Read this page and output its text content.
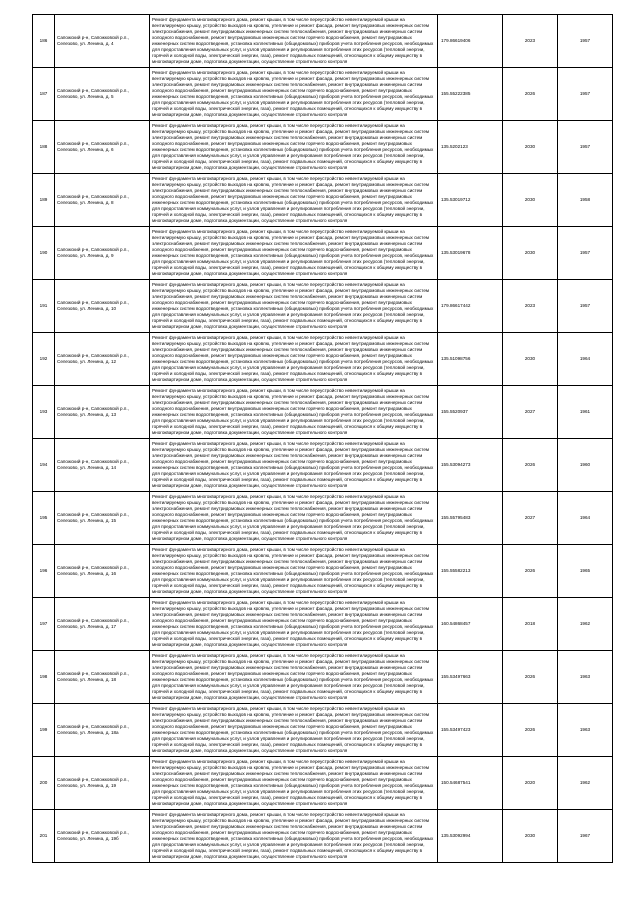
186	Сапожский р-н, Сапожковскй р.п., Селезово, ул. Ленина, д. 4	Ремонт фундамента многоквартирного дома, ремонт крыши, в том числе переустройство невентилируемой крыши на вентилируемую крышу, устройство выходов на кровлю, утепление и ремонт фасада, ремонт внутридомовых инженерных систем электроснабжения, ремонт внутридомовых инженерных систем теплоснабжения, ремонт внутридомовых инженерных систем холодного водоснабжения, ремонт внутридомовых инженерных систем горячего водоснабжения, ремонт внутридомовых инженерных систем водоотведения, установка коллективных (общедомовых) приборов учета потребления ресурсов, необходимых для предоставления коммунальных услуг, и узлов управления и регулирования потребления этих ресурсов (тепловой энергии, горячей и холодной воды, электрической энергии, газа), ремонт подвальных помещений, относящихся к общему имуществу в многоквартирном доме, подготовка документации, осуществление строительного контроля	179.86619406	2023	1957
187	Сапожский р-н, Сапожковскй р.п., Селезово, ул. Ленина, д. 5	Ремонт фундамента многоквартирного дома, ремонт крыши, в том числе переустройство невентилируемой крыши на вентилируемую крышу, устройство выходов на кровлю, утепление и ремонт фасада, ремонт внутридомовых инженерных систем электроснабжения, ремонт внутридомовых инженерных систем теплоснабжения, ремонт внутридомовых инженерных систем холодного водоснабжения, ремонт внутридомовых инженерных систем горячего водоснабжения, ремонт внутридомовых инженерных систем водоотведения, установка коллективных (общедомовых) приборов учета потребления ресурсов, необходимых для предоставления коммунальных услуг, и узлов управления и регулирования потребления этих ресурсов (тепловой энергии, горячей и холодной воды, электрической энергии, газа), ремонт подвальных помещений, относящихся к общему имуществу в многоквартирном доме, подготовка документации, осуществление строительного контроля	155.55222385	2026	1957
188	Сапожский р-н, Сапожковскй р.п., Селезово, ул. Ленина, д. 6	Ремонт фундамента многоквартирного дома, ремонт крыши, в том числе переустройство невентилируемой крыши на вентилируемую крышу, устройство выходов на кровлю, утепление и ремонт фасада, ремонт внутридомовых инженерных систем электроснабжения, ремонт внутридомовых инженерных систем теплоснабжения, ремонт внутридомовых инженерных систем холодного водоснабжения, ремонт внутридомовых инженерных систем горячего водоснабжения, ремонт внутридомовых инженерных систем водоотведения, установка коллективных (общедомовых) приборов учета потребления ресурсов, необходимых для предоставления коммунальных услуг, и узлов управления и регулирования потребления этих ресурсов (тепловой энергии, горячей и холодной воды, электрической энергии, газа), ремонт подвальных помещений, относящихся к общему имуществу в многоквартирном доме, подготовка документации, осуществление строительного контроля	135.5202123	2030	1957
189	Сапожский р-н, Сапожковскй р.п., Селезово, ул. Ленина, д. 8	Ремонт фундамента многоквартирного дома, ремонт крыши, в том числе переустройство невентилируемой крыши на вентилируемую крышу, устройство выходов на кровлю, утепление и ремонт фасада, ремонт внутридомовых инженерных систем электроснабжения, ремонт внутридомовых инженерных систем теплоснабжения, ремонт внутридомовых инженерных систем холодного водоснабжения, ремонт внутридомовых инженерных систем горячего водоснабжения, ремонт внутридомовых инженерных систем водоотведения, установка коллективных (общедомовых) приборов учета потребления ресурсов, необходимых для предоставления коммунальных услуг, и узлов управления и регулирования потребления этих ресурсов (тепловой энергии, горячей и холодной воды, электрической энергии, газа), ремонт подвальных помещений, относящихся к общему имуществу в многоквартирном доме, подготовка документации, осуществление строительного контроля	135.53019712	2030	1958
190	Сапожский р-н, Сапожковскй р.п., Селезово, ул. Ленина, д. 9	Ремонт фундамента многоквартирного дома, ремонт крыши, в том числе переустройство невентилируемой крыши на вентилируемую крышу, устройство выходов на кровлю, утепление и ремонт фасада, ремонт внутридомовых инженерных систем электроснабжения, ремонт внутридомовых инженерных систем теплоснабжения, ремонт внутридомовых инженерных систем холодного водоснабжения, ремонт внутридомовых инженерных систем горячего водоснабжения, ремонт внутридомовых инженерных систем водоотведения, установка коллективных (общедомовых) приборов учета потребления ресурсов, необходимых для предоставления коммунальных услуг, и узлов управления и регулирования потребления этих ресурсов (тепловой энергии, горячей и холодной воды, электрической энергии, газа), ремонт подвальных помещений, относящихся к общему имуществу в многоквартирном доме, подготовка документации, осуществление строительного контроля	135.53019678	2030	1957
191	Сапожский р-н, Сапожковскй р.п., Селезово, ул. Ленина, д. 10	Ремонт фундамента многоквартирного дома, ремонт крыши, в том числе переустройство невентилируемой крыши на вентилируемую крышу, устройство выходов на кровлю, утепление и ремонт фасада, ремонт внутридомовых инженерных систем электроснабжения, ремонт внутридомовых инженерных систем теплоснабжения, ремонт внутридомовых инженерных систем холодного водоснабжения, ремонт внутридомовых инженерных систем горячего водоснабжения, ремонт внутридомовых инженерных систем водоотведения, установка коллективных (общедомовых) приборов учета потребления ресурсов, необходимых для предоставления коммунальных услуг, и узлов управления и регулирования потребления этих ресурсов (тепловой энергии, горячей и холодной воды, электрической энергии, газа), ремонт подвальных помещений, относящихся к общему имуществу в многоквартирном доме, подготовка документации, осуществление строительного контроля	179.86617442	2023	1957
192	Сапожский р-н, Сапожковскй р.п., Селезово, ул. Ленина, д. 12	Ремонт фундамента многоквартирного дома, ремонт крыши, в том числе переустройство невентилируемой крыши на вентилируемую крышу, устройство выходов на кровлю, утепление и ремонт фасада, ремонт внутридомовых инженерных систем электроснабжения, ремонт внутридомовых инженерных систем теплоснабжения, ремонт внутридомовых инженерных систем холодного водоснабжения, ремонт внутридомовых инженерных систем горячего водоснабжения, ремонт внутридомовых инженерных систем водоотведения, установка коллективных (общедомовых) приборов учета потребления ресурсов, необходимых для предоставления коммунальных услуг, и узлов управления и регулирования потребления этих ресурсов (тепловой энергии, горячей и холодной воды, электрической энергии, газа), ремонт подвальных помещений, относящихся к общему имуществу в многоквартирном доме, подготовка документации, осуществление строительного контроля	135.51098756	2030	1964
193	Сапожский р-н, Сапожковскй р.п., Селезово, ул. Ленина, д. 13	Ремонт фундамента многоквартирного дома, ремонт крыши, в том числе переустройство невентилируемой крыши на вентилируемую крышу, устройство выходов на кровлю, утепление и ремонт фасада, ремонт внутридомовых инженерных систем электроснабжения, ремонт внутридомовых инженерных систем теплоснабжения, ремонт внутридомовых инженерных систем холодного водоснабжения, ремонт внутридомовых инженерных систем горячего водоснабжения, ремонт внутридомовых инженерных систем водоотведения, установка коллективных (общедомовых) приборов учета потребления ресурсов, необходимых для предоставления коммунальных услуг, и узлов управления и регулирования потребления этих ресурсов (тепловой энергии, горячей и холодной воды, электрической энергии, газа), ремонт подвальных помещений, относящихся к общему имуществу в многоквартирном доме, подготовка документации, осуществление строительного контроля	155.5520937	2027	1961
194	Сапожский р-н, Сапожковскй р.п., Селезово, ул. Ленина, д. 14	Ремонт фундамента многоквартирного дома, ремонт крыши, в том числе переустройство невентилируемой крыши на вентилируемую крышу, устройство выходов на кровлю, утепление и ремонт фасада, ремонт внутридомовых инженерных систем электроснабжения, ремонт внутридомовых инженерных систем теплоснабжения, ремонт внутридомовых инженерных систем холодного водоснабжения, ремонт внутридомовых инженерных систем горячего водоснабжения, ремонт внутридомовых инженерных систем водоотведения, установка коллективных (общедомовых) приборов учета потребления ресурсов, необходимых для предоставления коммунальных услуг, и узлов управления и регулирования потребления этих ресурсов (тепловой энергии, горячей и холодной воды, электрической энергии, газа), ремонт подвальных помещений, относящихся к общему имуществу в многоквартирном доме, подготовка документации, осуществление строительного контроля	155.53094273	2026	1960
195	Сапожский р-н, Сапожковскй р.п., Селезово, ул. Ленина, д. 15	Ремонт фундамента многоквартирного дома, ремонт крыши, в том числе переустройство невентилируемой крыши на вентилируемую крышу, устройство выходов на кровлю, утепление и ремонт фасада, ремонт внутридомовых инженерных систем электроснабжения, ремонт внутридомовых инженерных систем теплоснабжения, ремонт внутридомовых инженерных систем холодного водоснабжения, ремонт внутридомовых инженерных систем горячего водоснабжения, ремонт внутридомовых инженерных систем водоотведения, установка коллективных (общедомовых) приборов учета потребления ресурсов, необходимых для предоставления коммунальных услуг, и узлов управления и регулирования потребления этих ресурсов (тепловой энергии, горячей и холодной воды, электрической энергии, газа), ремонт подвальных помещений, относящихся к общему имуществу в многоквартирном доме, подготовка документации, осуществление строительного контроля	155.55795483	2027	1964
196	Сапожский р-н, Сапожковскй р.п., Селезово, ул. Ленина, д. 16	Ремонт фундамента многоквартирного дома, ремонт крыши, в том числе переустройство невентилируемой крыши на вентилируемую крышу, устройство выходов на кровлю, утепление и ремонт фасада, ремонт внутридомовых инженерных систем электроснабжения, ремонт внутридомовых инженерных систем теплоснабжения, ремонт внутридомовых инженерных систем холодного водоснабжения, ремонт внутридомовых инженерных систем горячего водоснабжения, ремонт внутридомовых инженерных систем водоотведения, установка коллективных (общедомовых) приборов учета потребления ресурсов, необходимых для предоставления коммунальных услуг, и узлов управления и регулирования потребления этих ресурсов (тепловой энергии, горячей и холодной воды, электрической энергии, газа), ремонт подвальных помещений, относящихся к общему имуществу в многоквартирном доме, подготовка документации, осуществление строительного контроля	155.55582213	2026	1965
197	Сапожский р-н, Сапожковскй р.п., Селезово, ул. Ленина, д. 17	Ремонт фундамента многоквартирного дома, ремонт крыши, в том числе переустройство невентилируемой крыши на вентилируемую крышу, устройство выходов на кровлю, утепление и ремонт фасада, ремонт внутридомовых инженерных систем электроснабжения, ремонт внутридомовых инженерных систем теплоснабжения, ремонт внутридомовых инженерных систем холодного водоснабжения, ремонт внутридомовых инженерных систем горячего водоснабжения, ремонт внутридомовых инженерных систем водоотведения, установка коллективных (общедомовых) приборов учета потребления ресурсов, необходимых для предоставления коммунальных услуг, и узлов управления и регулирования потребления этих ресурсов (тепловой энергии, горячей и холодной воды, электрической энергии, газа), ремонт подвальных помещений, относящихся к общему имуществу в многоквартирном доме, подготовка документации, осуществление строительного контроля	160.54868457	2018	1962
198	Сапожский р-н, Сапожковскй р.п., Селезово, ул. Ленина, д. 18	Ремонт фундамента многоквартирного дома, ремонт крыши, в том числе переустройство невентилируемой крыши на вентилируемую крышу, устройство выходов на кровлю, утепление и ремонт фасада, ремонт внутридомовых инженерных систем электроснабжения, ремонт внутридомовых инженерных систем теплоснабжения, ремонт внутридомовых инженерных систем холодного водоснабжения, ремонт внутридомовых инженерных систем горячего водоснабжения, ремонт внутридомовых инженерных систем водоотведения, установка коллективных (общедомовых) приборов учета потребления ресурсов, необходимых для предоставления коммунальных услуг, и узлов управления и регулирования потребления этих ресурсов (тепловой энергии, горячей и холодной воды, электрической энергии, газа), ремонт подвальных помещений, относящихся к общему имуществу в многоквартирном доме, подготовка документации, осуществление строительного контроля	155.53497663	2026	1963
199	Сапожский р-н, Сапожковскй р.п., Селезово, ул. Ленина, д. 18а	Ремонт фундамента многоквартирного дома, ремонт крыши, в том числе переустройство невентилируемой крыши на вентилируемую крышу, устройство выходов на кровлю, утепление и ремонт фасада, ремонт внутридомовых инженерных систем электроснабжения, ремонт внутридомовых инженерных систем теплоснабжения, ремонт внутридомовых инженерных систем холодного водоснабжения, ремонт внутридомовых инженерных систем горячего водоснабжения, ремонт внутридомовых инженерных систем водоотведения, установка коллективных (общедомовых) приборов учета потребления ресурсов, необходимых для предоставления коммунальных услуг, и узлов управления и регулирования потребления этих ресурсов (тепловой энергии, горячей и холодной воды, электрической энергии, газа), ремонт подвальных помещений, относящихся к общему имуществу в многоквартирном доме, подготовка документации, осуществление строительного контроля	155.53497423	2026	1963
200	Сапожский р-н, Сапожковскй р.п., Селезово, ул. Ленина, д. 19	Ремонт фундамента многоквартирного дома, ремонт крыши, в том числе переустройство невентилируемой крыши на вентилируемую крышу, устройство выходов на кровлю, утепление и ремонт фасада, ремонт внутридомовых инженерных систем электроснабжения, ремонт внутридомовых инженерных систем теплоснабжения, ремонт внутридомовых инженерных систем холодного водоснабжения, ремонт внутридомовых инженерных систем горячего водоснабжения, ремонт внутридомовых инженерных систем водоотведения, установка коллективных (общедомовых) приборов учета потребления ресурсов, необходимых для предоставления коммунальных услуг, и узлов управления и регулирования потребления этих ресурсов (тепловой энергии, горячей и холодной воды, электрической энергии, газа), ремонт подвальных помещений, относящихся к общему имуществу в многоквартирном доме, подготовка документации, осуществление строительного контроля	150.54687541	2020	1962
201	Сапожский р-н, Сапожковскй р.п., Селезово, ул. Ленина, д. 19б	Ремонт фундамента многоквартирного дома, ремонт крыши, в том числе переустройство невентилируемой крыши на вентилируемую крышу, устройство выходов на кровлю, утепление и ремонт фасада, ремонт внутридомовых инженерных систем электроснабжения, ремонт внутридомовых инженерных систем теплоснабжения, ремонт внутридомовых инженерных систем холодного водоснабжения, ремонт внутридомовых инженерных систем горячего водоснабжения, ремонт внутридомовых инженерных систем водоотведения, установка коллективных (общедомовых) приборов учета потребления ресурсов, необходимых для предоставления коммунальных услуг, и узлов управления и регулирования потребления этих ресурсов (тепловой энергии, горячей и холодной воды, электрической энергии, газа), ремонт подвальных помещений, относящихся к общему имуществу в многоквартирном доме, подготовка документации, осуществление строительного контроля	135.53092994	2030	1967
